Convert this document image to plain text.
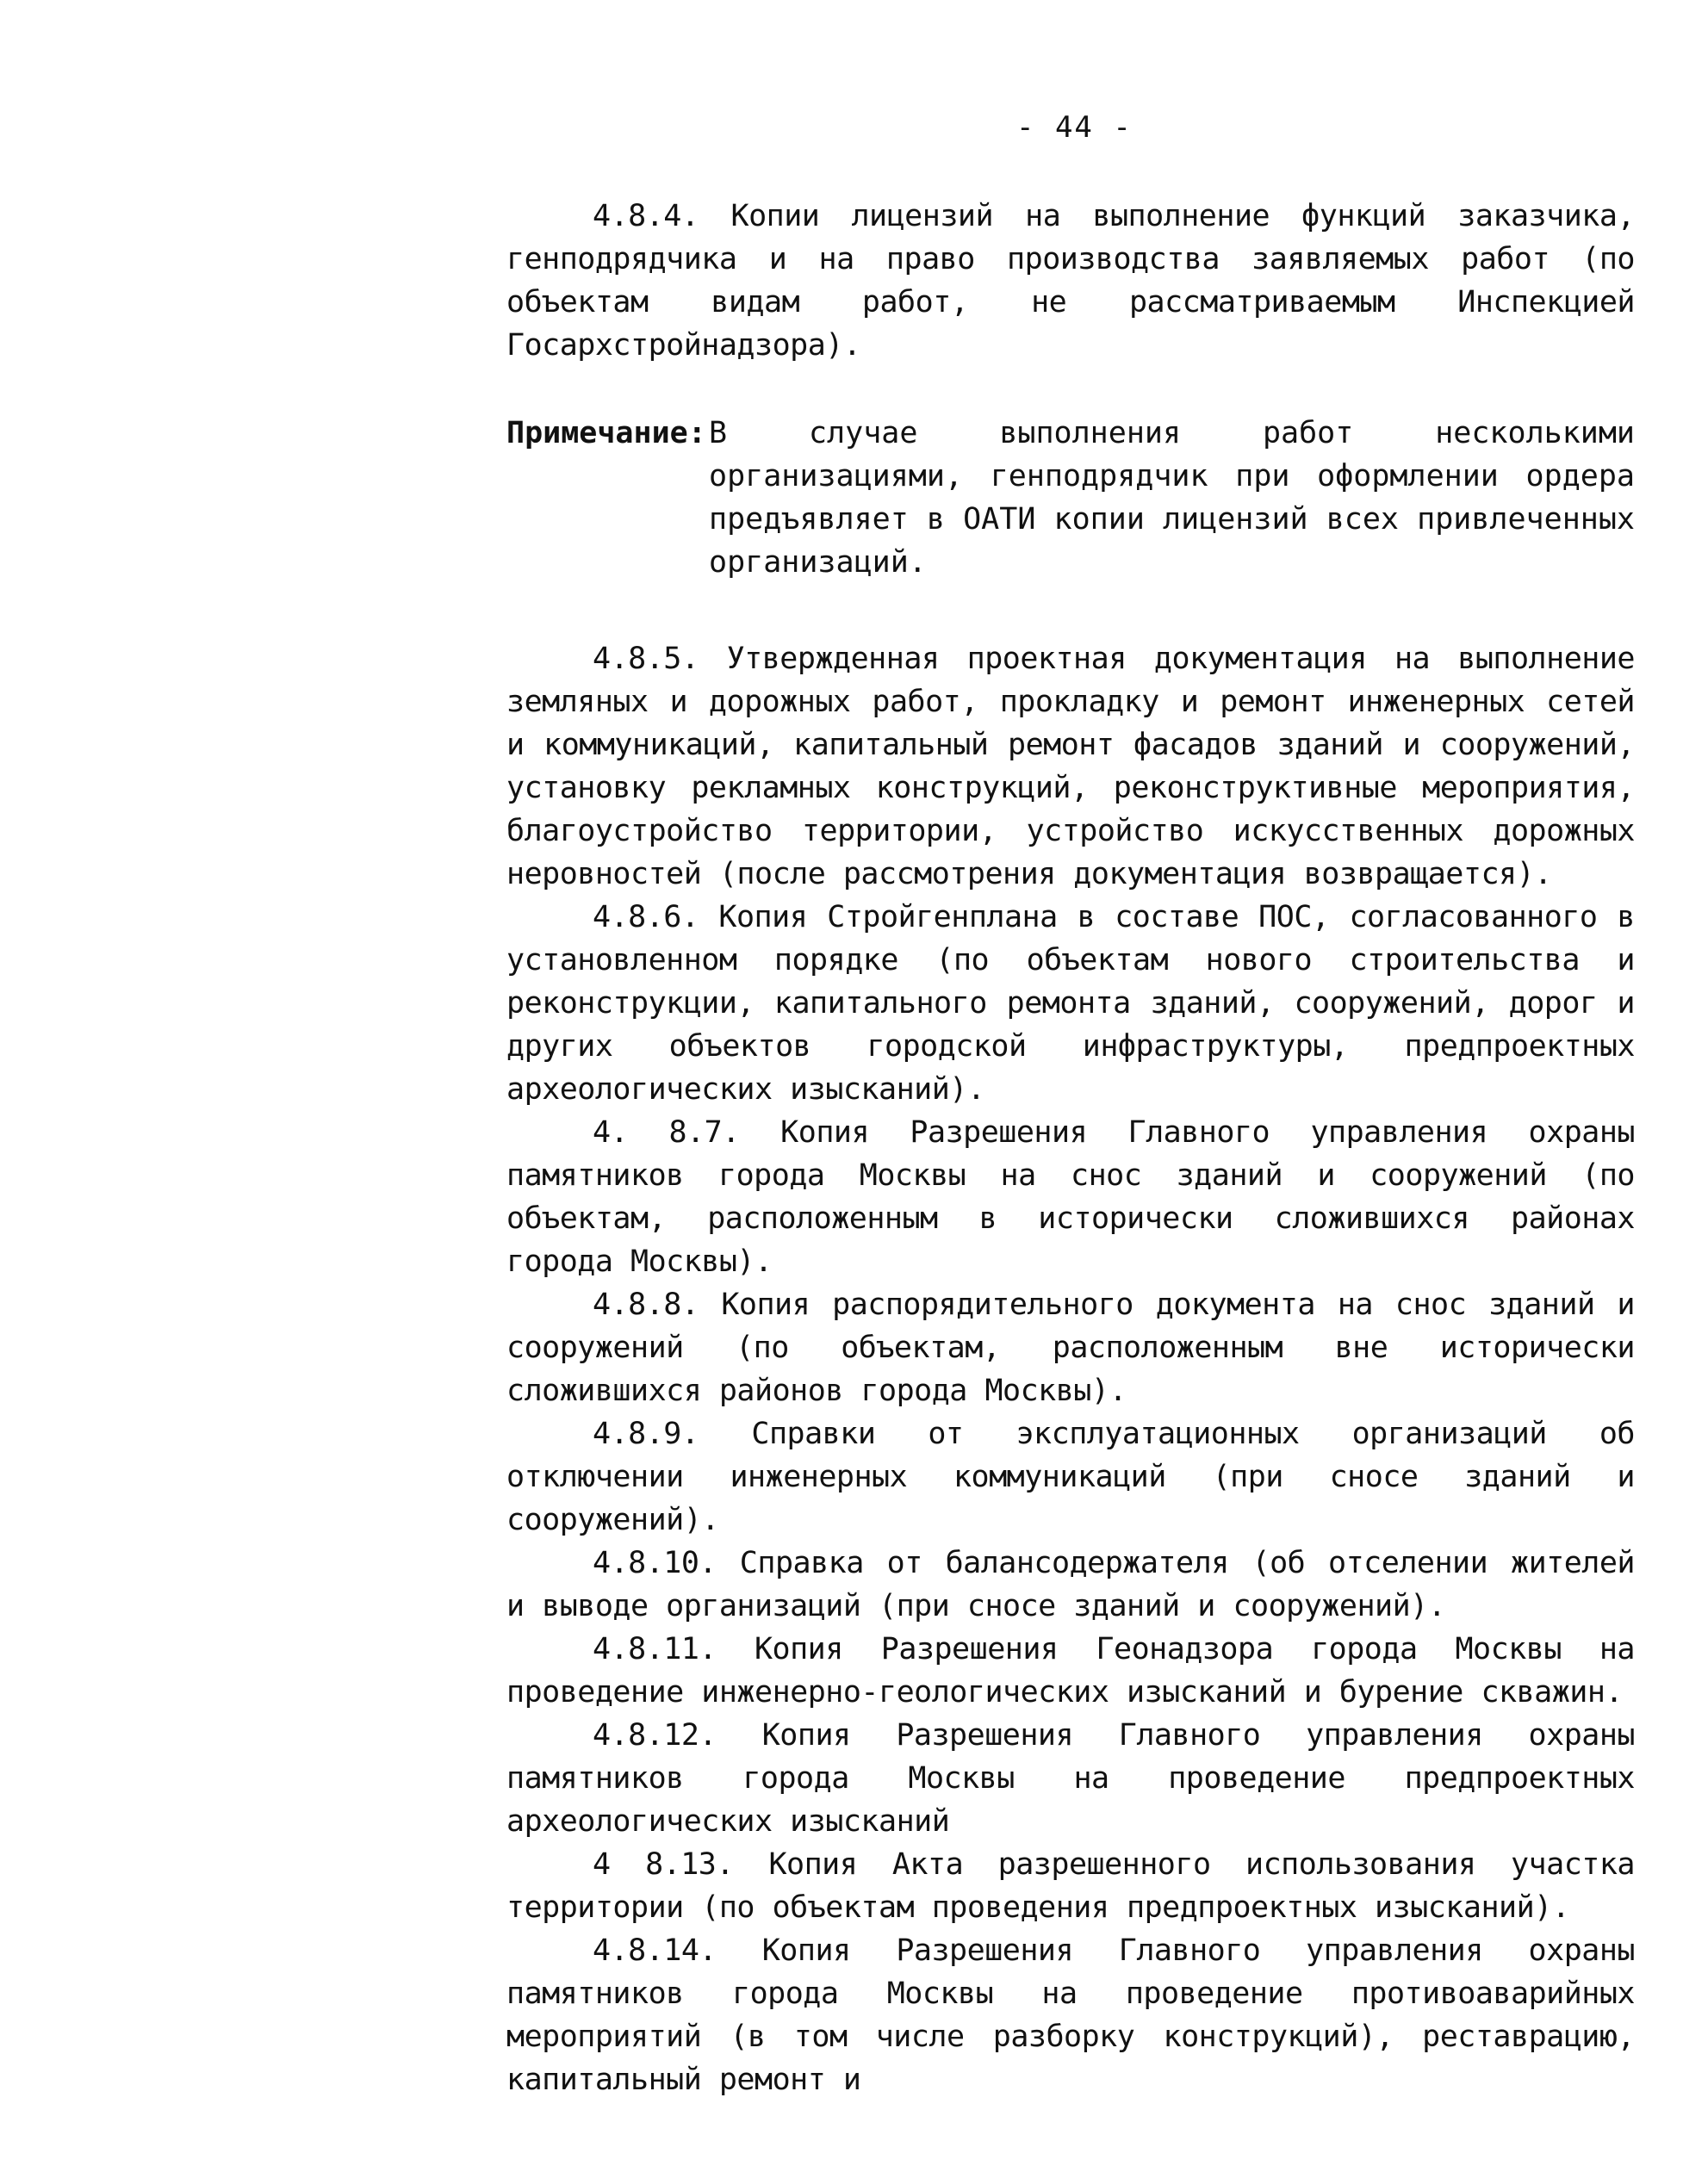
- 44 -

4.8.4. Копии лицензий на выполнение функций заказчика, генподрядчика и на право производства заявляемых работ (по объектам видам работ, не рассматриваемым Инспекцией Госархстройнадзора).

Примечание: В случае выполнения работ несколькими организациями, генподрядчик при оформлении ордера предъявляет в ОАТИ копии лицензий всех привлеченных организаций.

4.8.5. Утвержденная проектная документация на выполнение земляных и дорожных работ, прокладку и ремонт инженерных сетей и коммуникаций, капитальный ремонт фасадов зданий и сооружений, установку рекламных конструкций, реконструктивные мероприятия, благоустройство территории, устройство искусственных дорожных неровностей (после рассмотрения документация возвращается).

4.8.6. Копия Стройгенплана в составе ПОС, согласованного в установленном порядке (по объектам нового строительства и реконструкции, капитального ремонта зданий, сооружений, дорог и других объектов городской инфраструктуры, предпроектных археологических изысканий).

4. 8.7. Копия Разрешения Главного управления охраны памятников города Москвы на снос зданий и сооружений (по объектам, расположенным в исторически сложившихся районах города Москвы).

4.8.8. Копия распорядительного документа на снос зданий и сооружений (по объектам, расположенным вне исторически сложившихся районов города Москвы).

4.8.9. Справки от эксплуатационных организаций об отключении инженерных коммуникаций (при сносе зданий и сооружений).

4.8.10. Справка от балансодержателя (об отселении жителей и выводе организаций (при сносе зданий и сооружений).

4.8.11. Копия Разрешения Геонадзора города Москвы на проведение инженерно-геологических изысканий и бурение скважин.

4.8.12. Копия Разрешения Главного управления охраны памятников города Москвы на проведение предпроектных археологических изысканий

4 8.13. Копия Акта разрешенного использования участка территории (по объектам проведения предпроектных изысканий).

4.8.14. Копия Разрешения Главного управления охраны памятников города Москвы на проведение противоаварийных мероприятий (в том числе разборку конструкций), реставрацию, капитальный ремонт и
